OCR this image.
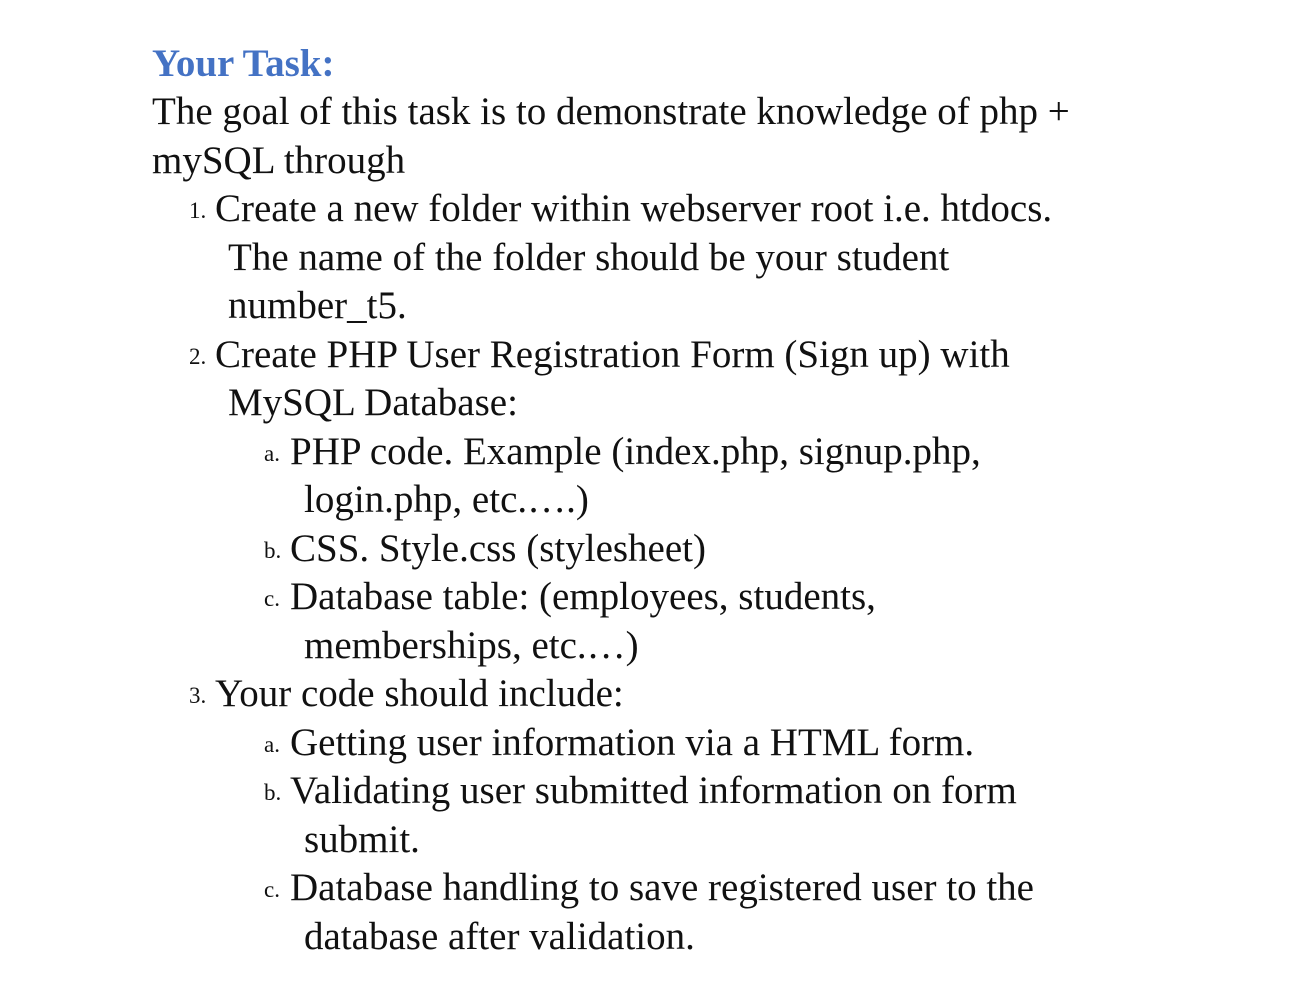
Your Task:
The goal of this task is to demonstrate knowledge of php +
mySQL through
1. Create a new folder within webserver root i.e. htdocs.
The name of the folder should be your student
number_t5.
2. Create PHP User Registration Form (Sign up) with
MySQL Database:
a. PHP code. Example (index.php, signup.php,
login.php, etc.….)
b. CSS. Style.css (stylesheet)
c. Database table: (employees, students,
memberships, etc.…)
3. Your code should include:
a. Getting user information via a HTML form.
b. Validating user submitted information on form
submit.
c. Database handling to save registered user to the
database after validation.
